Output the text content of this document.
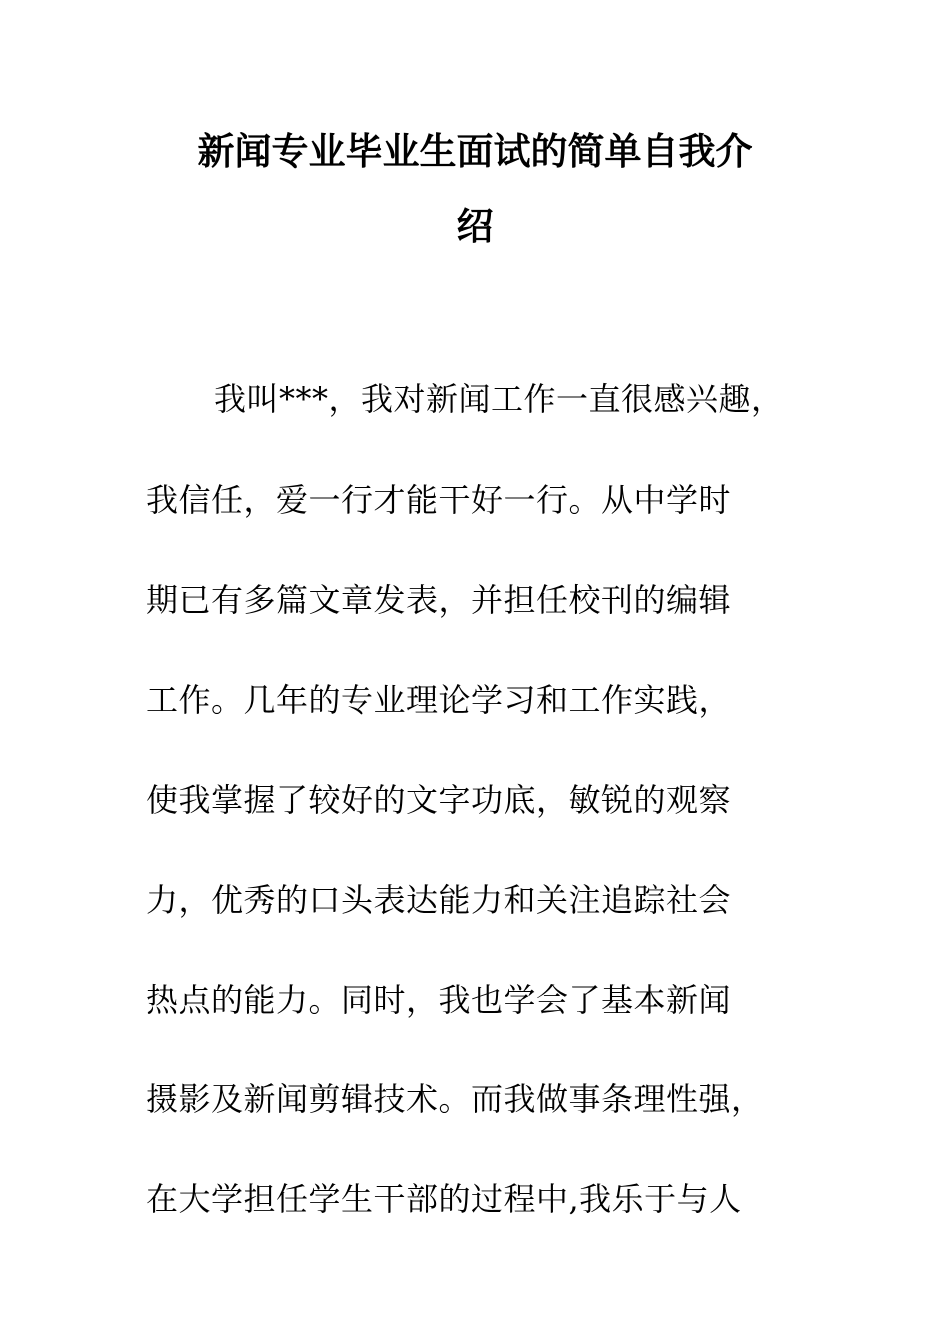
新闻专业毕业生面试的简单自我介
绍
我叫***，我对新闻工作一直很感兴趣，
我信任，爱一行才能干好一行。从中学时
期已有多篇文章发表，并担任校刊的编辑
工作。几年的专业理论学习和工作实践，
使我掌握了较好的文字功底，敏锐的观察
力，优秀的口头表达能力和关注追踪社会
热点的能力。同时，我也学会了基本新闻
摄影及新闻剪辑技术。而我做事条理性强，
在大学担任学生干部的过程中,我乐于与人
